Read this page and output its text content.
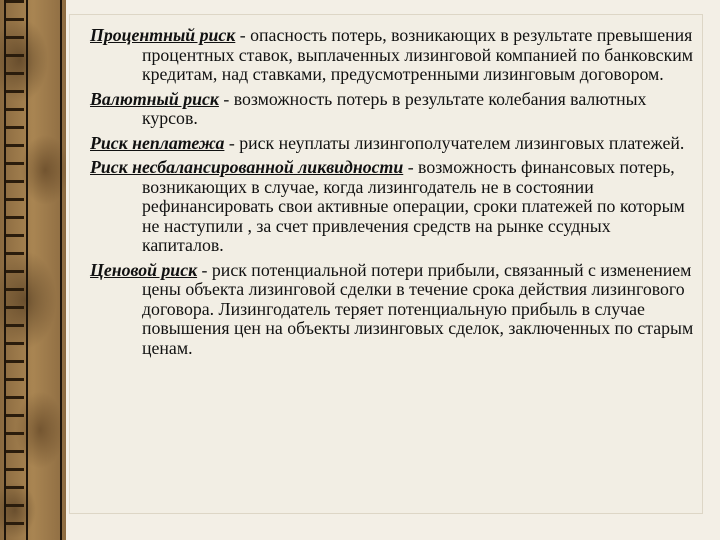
Процентный риск - опасность потерь, возникающих в результате превышения процентных ставок, выплаченных лизинговой компанией по банковским кредитам, над ставками, предусмотренными лизинговым договором.
Валютный риск - возможность потерь в результате колебания валютных курсов.
Риск неплатежа - риск неуплаты лизингополучателем лизинговых платежей.
Риск несбалансированной ликвидности - возможность финансовых потерь, возникающих в случае, когда лизингодатель не в состоянии рефинансировать свои активные операции, сроки платежей по которым не наступили , за счет привлечения средств на рынке ссудных капиталов.
Ценовой риск - риск потенциальной потери прибыли, связанный с изменением цены объекта лизинговой сделки в течение срока действия лизингового договора. Лизингодатель теряет потенциальную прибыль в случае повышения цен на объекты лизинговых сделок, заключенных по старым ценам.
